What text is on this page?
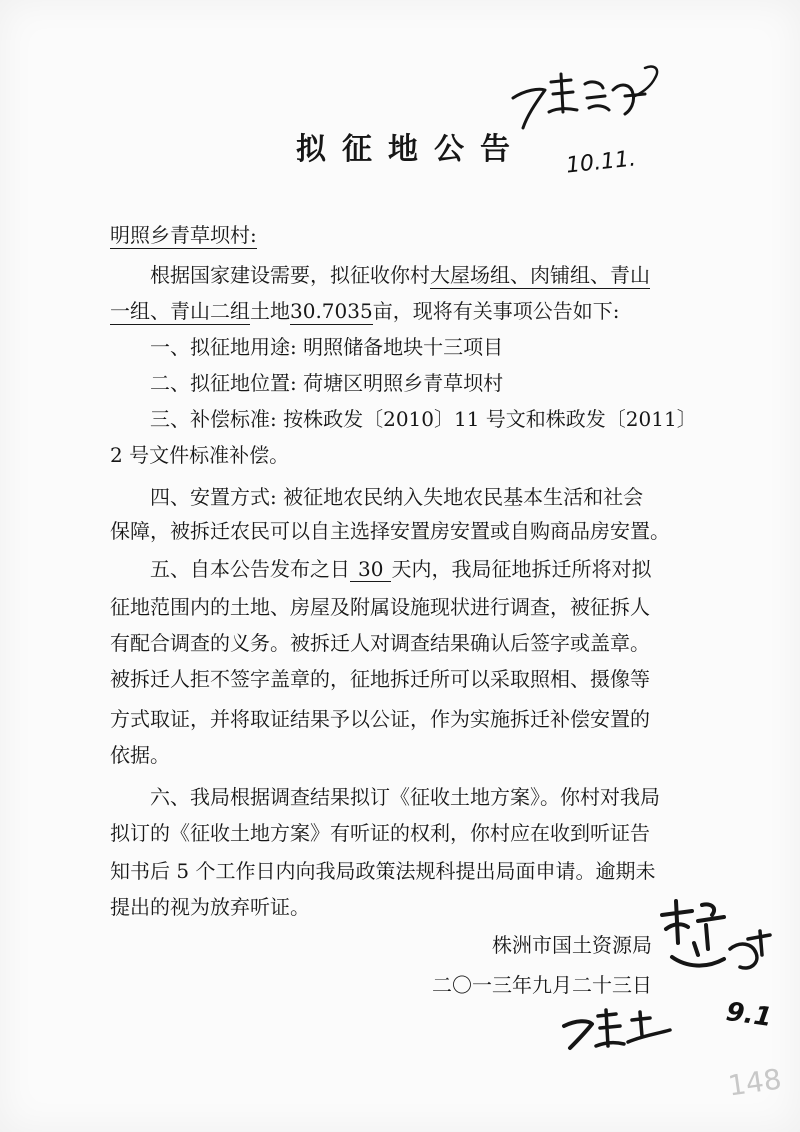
10.11.
拟征地公告
明照乡青草坝村:
根据国家建设需要，拟征收你村大屋场组、肉铺组、青山
一组、青山二组土地30.7035亩，现将有关事项公告如下:
一、拟征地用途: 明照储备地块十三项目
二、拟征地位置: 荷塘区明照乡青草坝村
三、补偿标准: 按株政发〔2010〕11 号文和株政发〔2011〕
2 号文件标准补偿。
四、安置方式: 被征地农民纳入失地农民基本生活和社会
保障，被拆迁农民可以自主选择安置房安置或自购商品房安置。
五、自本公告发布之日 30 天内，我局征地拆迁所将对拟
征地范围内的土地、房屋及附属设施现状进行调查，被征拆人
有配合调查的义务。被拆迁人对调查结果确认后签字或盖章。
被拆迁人拒不签字盖章的，征地拆迁所可以采取照相、摄像等
方式取证，并将取证结果予以公证，作为实施拆迁补偿安置的
依据。
六、我局根据调查结果拟订《征收土地方案》。你村对我局
拟订的《征收土地方案》有听证的权利，你村应在收到听证告
知书后 5 个工作日内向我局政策法规科提出局面申请。逾期未
提出的视为放弃听证。
株洲市国土资源局
二〇一三年九月二十三日
9.1
148
